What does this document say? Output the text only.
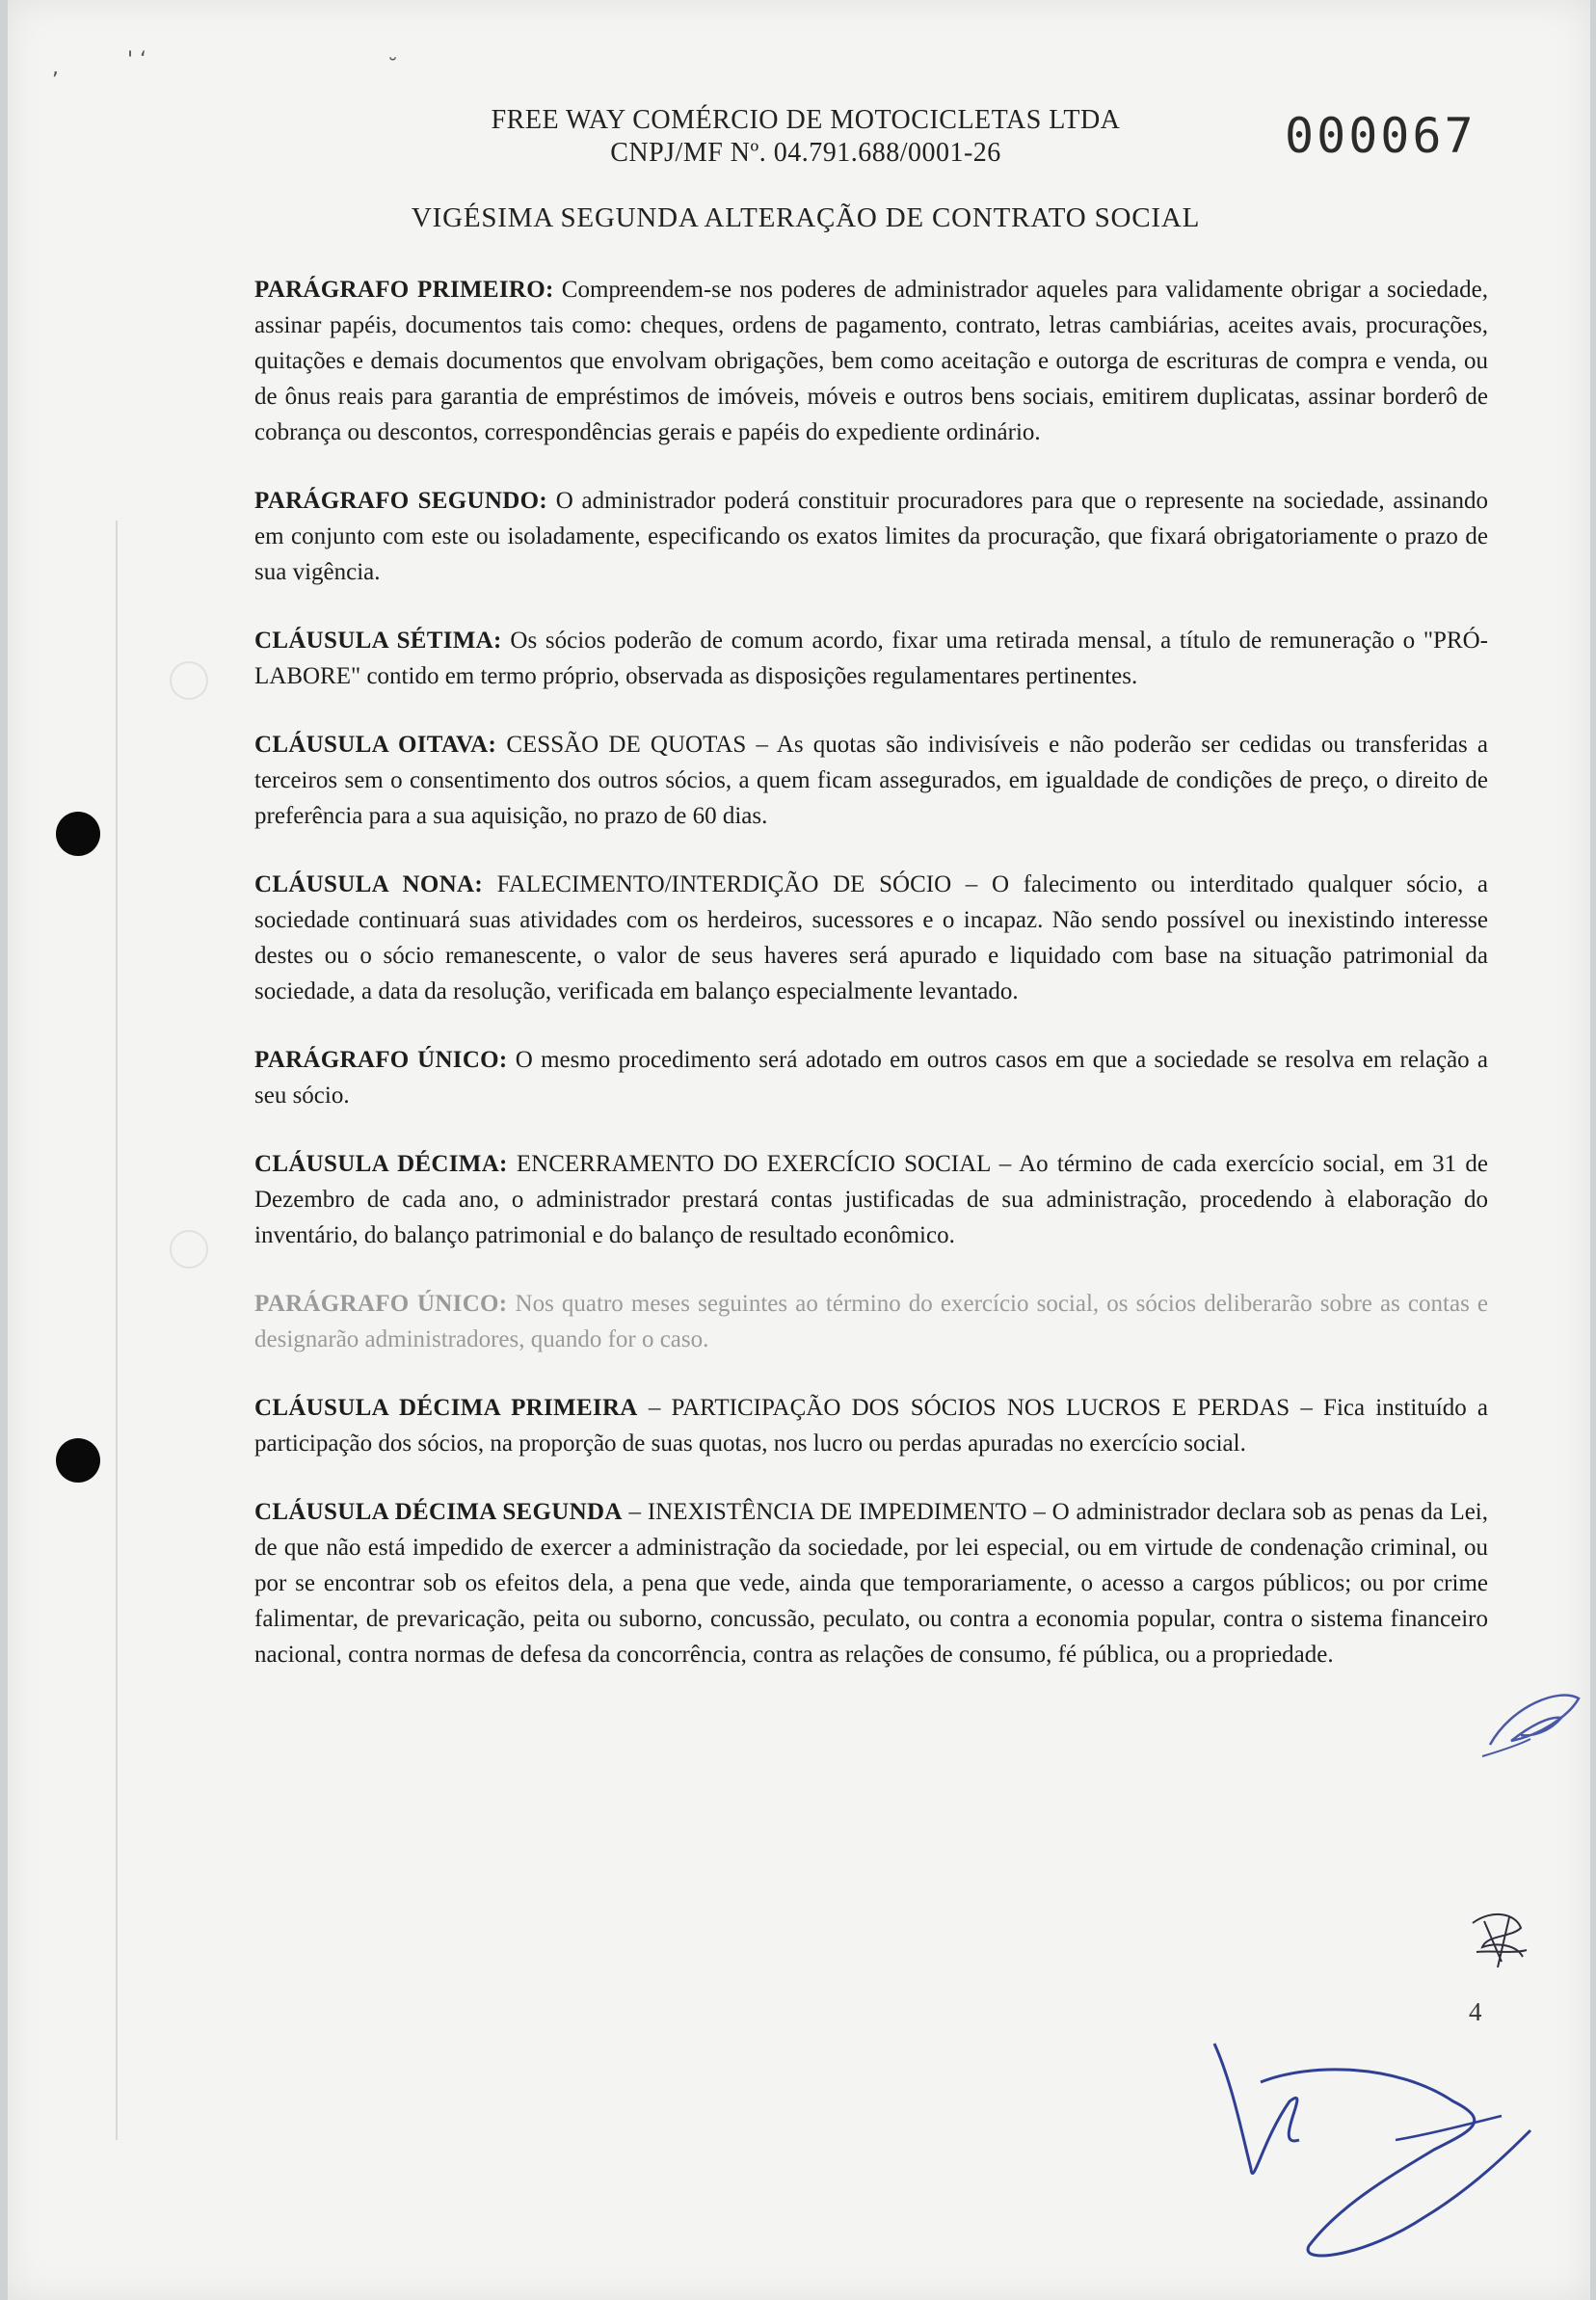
,	' ‘	˘
FREE WAY COMÉRCIO DE MOTOCICLETAS LTDA
CNPJ/MF Nº. 04.791.688/0001-26	000067
VIGÉSIMA SEGUNDA ALTERAÇÃO DE CONTRATO SOCIAL

PARÁGRAFO PRIMEIRO: Compreendem-se nos poderes de administrador aqueles para validamente obrigar a sociedade, assinar papéis, documentos tais como: cheques, ordens de pagamento, contrato, letras cambiárias, aceites avais, procurações, quitações e demais documentos que envolvam obrigações, bem como aceitação e outorga de escrituras de compra e venda, ou de ônus reais para garantia de empréstimos de imóveis, móveis e outros bens sociais, emitirem duplicatas, assinar borderô de cobrança ou descontos, correspondências gerais e papéis do expediente ordinário.

PARÁGRAFO SEGUNDO: O administrador poderá constituir procuradores para que o represente na sociedade, assinando em conjunto com este ou isoladamente, especificando os exatos limites da procuração, que fixará obrigatoriamente o prazo de sua vigência.

CLÁUSULA SÉTIMA: Os sócios poderão de comum acordo, fixar uma retirada mensal, a título de remuneração o "PRÓ-LABORE" contido em termo próprio, observada as disposições regulamentares pertinentes.

CLÁUSULA OITAVA: CESSÃO DE QUOTAS – As quotas são indivisíveis e não poderão ser cedidas ou transferidas a terceiros sem o consentimento dos outros sócios, a quem ficam assegurados, em igualdade de condições de preço, o direito de preferência para a sua aquisição, no prazo de 60 dias.

CLÁUSULA NONA: FALECIMENTO/INTERDIÇÃO DE SÓCIO – O falecimento ou interditado qualquer sócio, a sociedade continuará suas atividades com os herdeiros, sucessores e o incapaz. Não sendo possível ou inexistindo interesse destes ou o sócio remanescente, o valor de seus haveres será apurado e liquidado com base na situação patrimonial da sociedade, a data da resolução, verificada em balanço especialmente levantado.

PARÁGRAFO ÚNICO: O mesmo procedimento será adotado em outros casos em que a sociedade se resolva em relação a seu sócio.

CLÁUSULA DÉCIMA: ENCERRAMENTO DO EXERCÍCIO SOCIAL – Ao término de cada exercício social, em 31 de Dezembro de cada ano, o administrador prestará contas justificadas de sua administração, procedendo à elaboração do inventário, do balanço patrimonial e do balanço de resultado econômico.

PARÁGRAFO ÚNICO: Nos quatro meses seguintes ao término do exercício social, os sócios deliberarão sobre as contas e designarão administradores, quando for o caso.

CLÁUSULA DÉCIMA PRIMEIRA – PARTICIPAÇÃO DOS SÓCIOS NOS LUCROS E PERDAS – Fica instituído a participação dos sócios, na proporção de suas quotas, nos lucro ou perdas apuradas no exercício social.

CLÁUSULA DÉCIMA SEGUNDA – INEXISTÊNCIA DE IMPEDIMENTO – O administrador declara sob as penas da Lei, de que não está impedido de exercer a administração da sociedade, por lei especial, ou em virtude de condenação criminal, ou por se encontrar sob os efeitos dela, a pena que vede, ainda que temporariamente, o acesso a cargos públicos; ou por crime falimentar, de prevaricação, peita ou suborno, concussão, peculato, ou contra a economia popular, contra o sistema financeiro nacional, contra normas de defesa da concorrência, contra as relações de consumo, fé pública, ou a propriedade.

4
